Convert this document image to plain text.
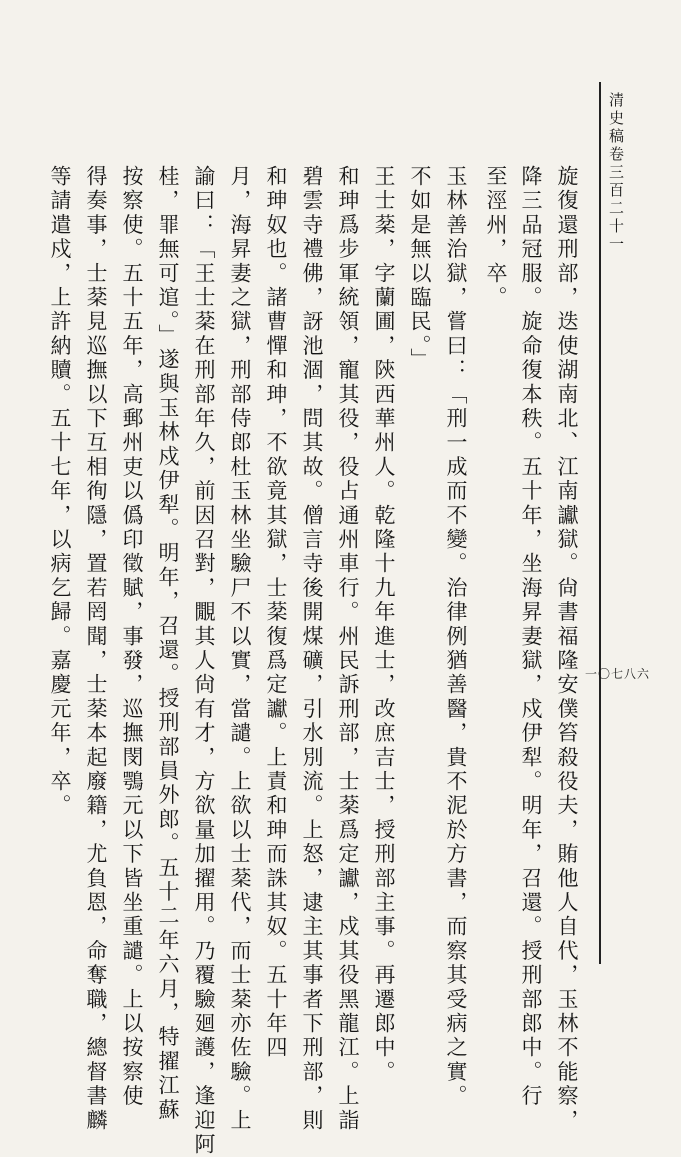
清史稿卷三百二十一
一〇七八六
旋復還刑部，迭使湖南北、江南讞獄。尙書福隆安僕笞殺役夫，賄他人自代，玉林不能察，
降三品冠服。旋命復本秩。五十年，坐海昇妻獄，戍伊犁。明年，召還。授刑部郎中。行
至涇州，卒。
玉林善治獄，嘗曰：「刑一成而不變。治律例猶善醫，貴不泥於方書，而察其受病之實。
不如是無以臨民。」
王士棻，字蘭圃，陝西華州人。乾隆十九年進士，改庶吉士，授刑部主事。再遷郎中。
和珅爲步軍統領，寵其役，役占通州車行。州民訴刑部，士棻爲定讞，戍其役黑龍江。上詣
碧雲寺禮佛，訝池涸，問其故。僧言寺後開煤礦，引水別流。上怒，逮主其事者下刑部，則
和珅奴也。諸曹憚和珅，不欲竟其獄，士棻復爲定讞。上責和珅而誅其奴。五十年四
月，海昇妻之獄，刑部侍郎杜玉林坐驗尸不以實，當譴。上欲以士棻代，而士棻亦佐驗。上
諭曰：「王士棻在刑部年久，前因召對，覵其人尙有才，方欲量加擢用。乃覆驗廻護，逢迎阿
桂，罪無可逭。」遂與玉林戍伊犁。明年，召還。授刑部員外郎。五十二年六月，特擢江蘇
按察使。五十五年，高郵州吏以僞印徵賦，事發，巡撫閔鶚元以下皆坐重譴。上以按察使
得奏事，士棻見巡撫以下互相徇隱，置若罔聞，士棻本起廢籍，尤負恩，命奪職，總督書麟
等請遣戍，上許納贖。五十七年，以病乞歸。嘉慶元年，卒。
